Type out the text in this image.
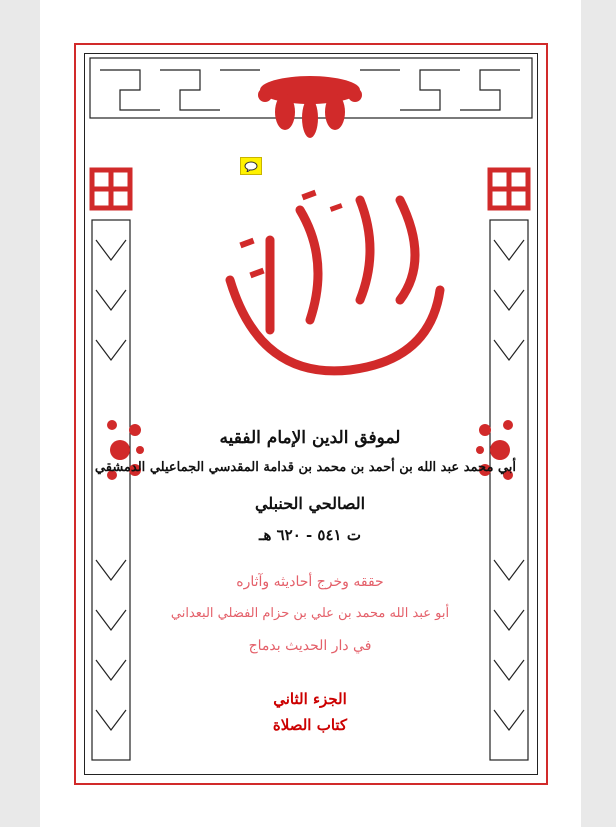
لموفق الدين الإمام الفقيه
أبي محمد عبد الله بن أحمد بن محمد بن قدامة المقدسي الجماعيلي الدمشقي
الصالحي الحنبلي
ت ٥٤١ - ٦٢٠ هـ
حققه وخرج أحاديثه وآثاره
أبو عبد الله محمد بن علي بن حزام الفضلي البعداني
في دار الحديث بدماج
الجزء الثاني
كتاب الصلاة
